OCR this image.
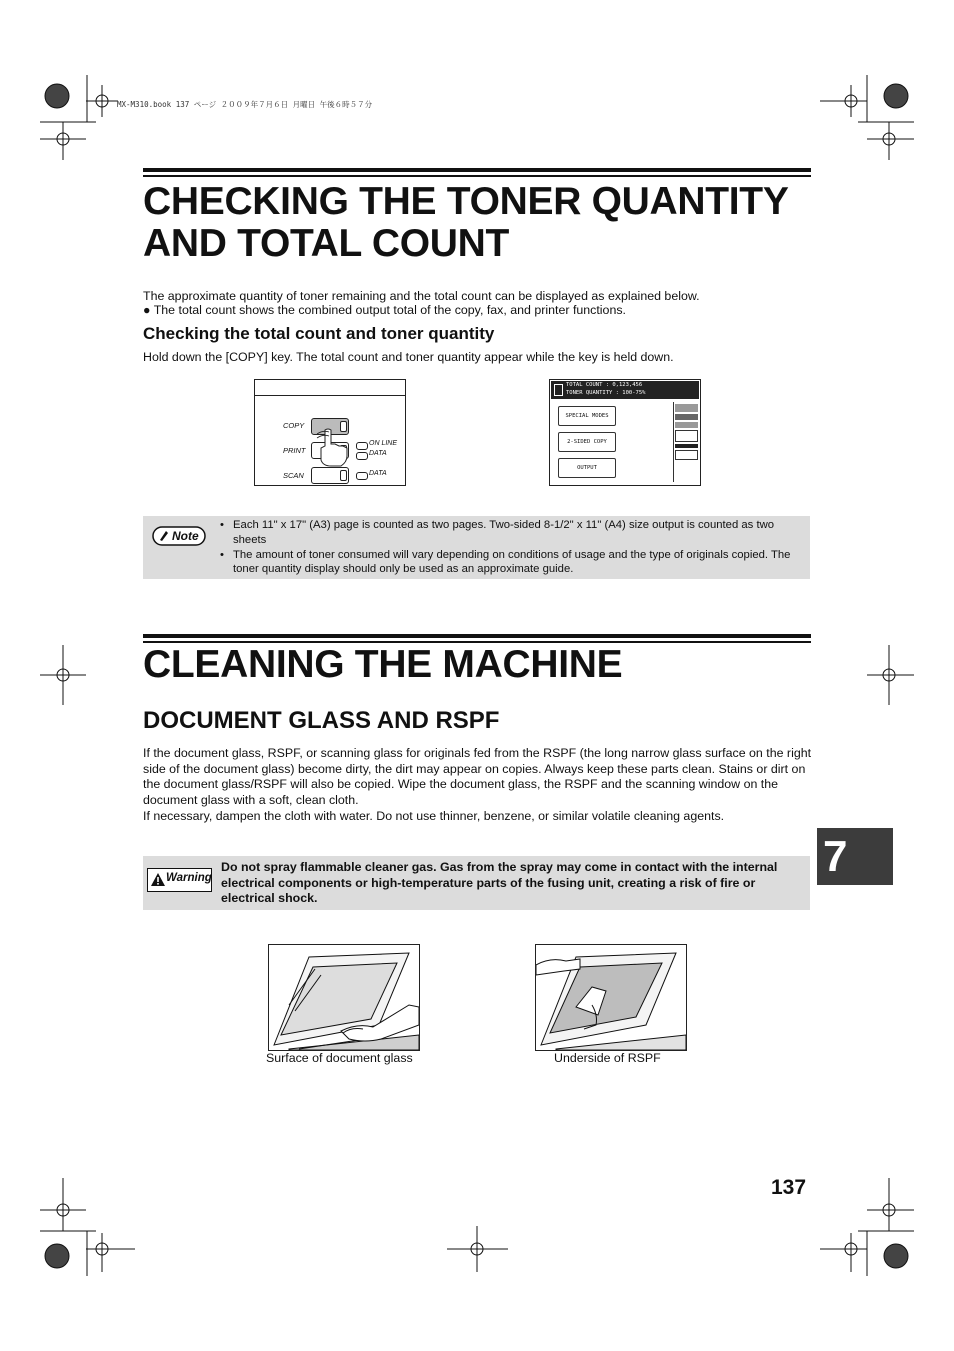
MX-M310.book 137 ページ ２００９年７月６日 月曜日 午後６時５７分
CHECKING THE TONER QUANTITY
AND TOTAL COUNT
The approximate quantity of toner remaining and the total count can be displayed as explained below.
● The total count shows the combined output total of the copy, fax, and printer functions.
Checking the total count and toner quantity
Hold down the [COPY] key. The total count and toner quantity appear while the key is held down.
COPY
PRINT
SCAN
ON LINE
DATA
DATA
TOTAL COUNT : 0,123,456
TONER QUANTITY : 100-75%
SPECIAL MODES
2-SIDED COPY
OUTPUT
Note
• Each 11" x 17" (A3) page is counted as two pages. Two-sided 8-1/2" x 11" (A4) size output is counted as two sheets
• The amount of toner consumed will vary depending on conditions of usage and the type of originals copied. The toner quantity display should only be used as an approximate guide.
CLEANING THE MACHINE
DOCUMENT GLASS AND RSPF
If the document glass, RSPF, or scanning glass for originals fed from the RSPF (the long narrow glass surface on the right side of the document glass) become dirty, the dirt may appear on copies. Always keep these parts clean. Stains or dirt on the document glass/RSPF will also be copied. Wipe the document glass, the RSPF and the scanning window on the document glass with a soft, clean cloth.
If necessary, dampen the cloth with water. Do not use thinner, benzene, or similar volatile cleaning agents.
Warning
Do not spray flammable cleaner gas. Gas from the spray may come in contact with the internal electrical components or high-temperature parts of the fusing unit, creating a risk of fire or electrical shock.
7
Surface of document glass	Underside of RSPF
137
